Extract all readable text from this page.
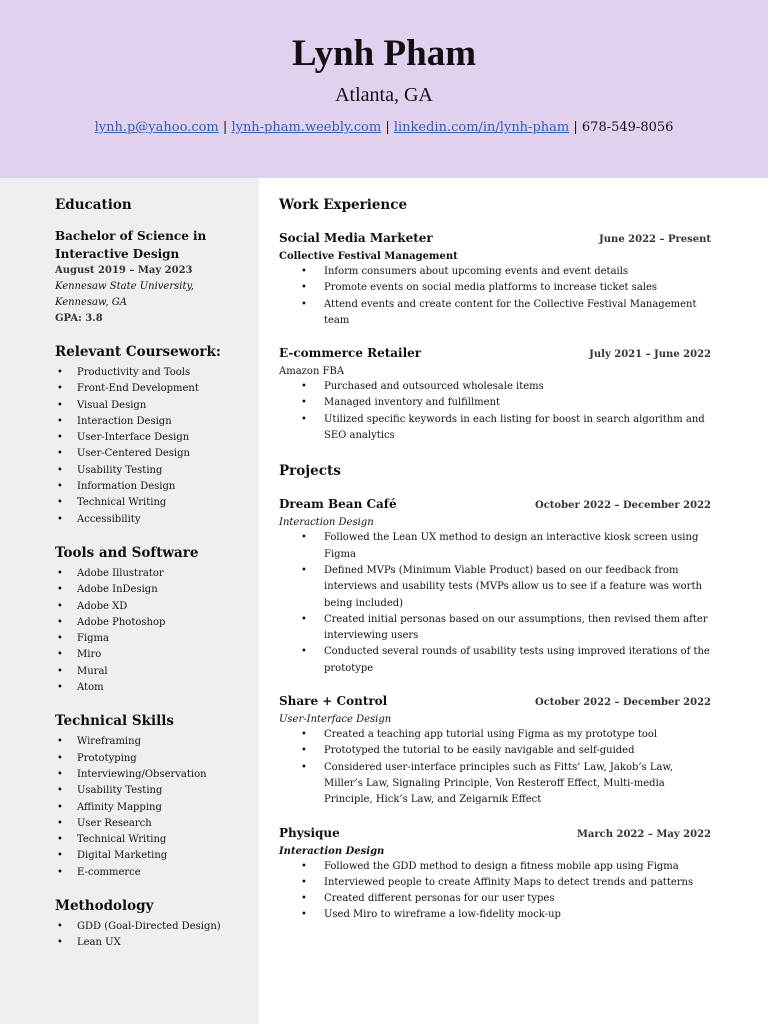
Lynh Pham
Atlanta, GA
lynh.p@yahoo.com | lynh-pham.weebly.com | linkedin.com/in/lynh-pham | 678-549-8056
Education
Bachelor of Science in
Interactive Design
August 2019 – May 2023
Kennesaw State University,
Kennesaw, GA
GPA: 3.8
Relevant Coursework:
• Productivity and Tools
• Front-End Development
• Visual Design
• Interaction Design
• User-Interface Design
• User-Centered Design
• Usability Testing
• Information Design
• Technical Writing
• Accessibility
Tools and Software
• Adobe Illustrator
• Adobe InDesign
• Adobe XD
• Adobe Photoshop
• Figma
• Miro
• Mural
• Atom
Technical Skills
• Wireframing
• Prototyping
• Interviewing/Observation
• Usability Testing
• Affinity Mapping
• User Research
• Technical Writing
• Digital Marketing
• E-commerce
Methodology
• GDD (Goal-Directed Design)
• Lean UX
Work Experience
Social Media Marketer	June 2022 – Present
Collective Festival Management
• Inform consumers about upcoming events and event details
• Promote events on social media platforms to increase ticket sales
• Attend events and create content for the Collective Festival Management team
E-commerce Retailer	July 2021 – June 2022
Amazon FBA
• Purchased and outsourced wholesale items
• Managed inventory and fulfillment
• Utilized specific keywords in each listing for boost in search algorithm and SEO analytics
Projects
Dream Bean Café	October 2022 – December 2022
Interaction Design
• Followed the Lean UX method to design an interactive kiosk screen using Figma
• Defined MVPs (Minimum Viable Product) based on our feedback from interviews and usability tests (MVPs allow us to see if a feature was worth being included)
• Created initial personas based on our assumptions, then revised them after interviewing users
• Conducted several rounds of usability tests using improved iterations of the prototype
Share + Control	October 2022 – December 2022
User-Interface Design
• Created a teaching app tutorial using Figma as my prototype tool
• Prototyped the tutorial to be easily navigable and self-guided
• Considered user-interface principles such as Fitts’ Law, Jakob’s Law, Miller’s Law, Signaling Principle, Von Resteroff Effect, Multi-media Principle, Hick’s Law, and Zeigarnik Effect
Physique	March 2022 – May 2022
Interaction Design
• Followed the GDD method to design a fitness mobile app using Figma
• Interviewed people to create Affinity Maps to detect trends and patterns
• Created different personas for our user types
• Used Miro to wireframe a low-fidelity mock-up
